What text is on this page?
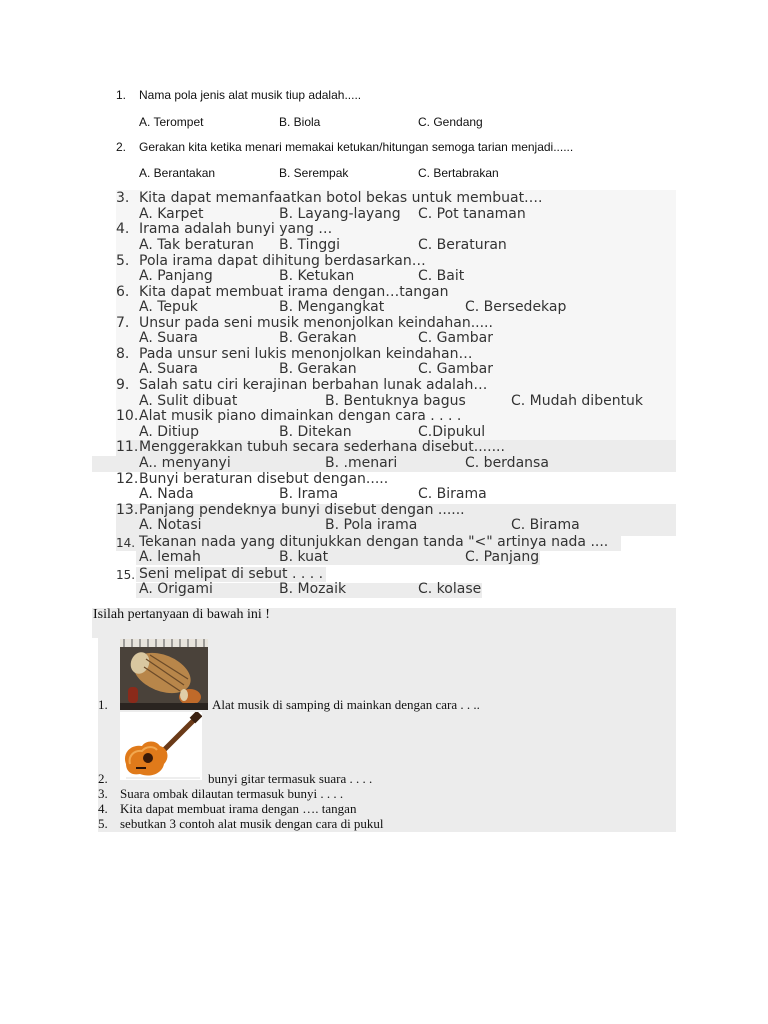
1. Nama pola jenis alat musik tiup adalah.....
A. Terompet	B. Biola	C. Gendang
2. Gerakan kita ketika menari memakai ketukan/hitungan semoga tarian menjadi......
A. Berantakan	B. Serempak	C. Bertabrakan
3. Kita dapat memanfaatkan botol bekas untuk membuat….
A. Karpet	B. Layang-layang C. Pot tanaman
4. Irama adalah bunyi yang …
A. Tak beraturan B. Tinggi	C. Beraturan
5. Pola irama dapat dihitung berdasarkan…
A. Panjang	B. Ketukan	C. Bait
6. Kita dapat membuat irama dengan…tangan
A. Tepuk	B. Mengangkat	C. Bersedekap
7. Unsur pada seni musik menonjolkan keindahan.....
A. Suara	B. Gerakan	C. Gambar
8. Pada unsur seni lukis menonjolkan keindahan…
A. Suara	B. Gerakan	C. Gambar
9. Salah satu ciri kerajinan berbahan lunak adalah…
A. Sulit dibuat	B. Bentuknya bagus	C. Mudah dibentuk
10. Alat musik piano dimainkan dengan cara . . . .
A. Ditiup	B. Ditekan	C.Dipukul
11. Menggerakkan tubuh secara sederhana disebut.......
A.. menyanyi	B. .menari	C. berdansa
12. Bunyi beraturan disebut dengan.....
A. Nada	B. Irama	C. Birama
13. Panjang pendeknya bunyi disebut dengan ......
A. Notasi	B. Pola irama	C. Birama
14. Tekanan nada yang ditunjukkan dengan tanda "<" artinya nada ....
A. lemah	B. kuat	C. Panjang
15. Seni melipat di sebut . . . .
A. Origami	B. Mozaik	C. kolase
Isilah pertanyaan di bawah ini !
1.	Alat musik di samping di mainkan dengan cara . . ..
2.	bunyi gitar termasuk suara . . . .
3. Suara ombak dilautan termasuk bunyi . . . .
4. Kita dapat membuat irama dengan …. tangan
5. sebutkan 3 contoh alat musik dengan cara di pukul
